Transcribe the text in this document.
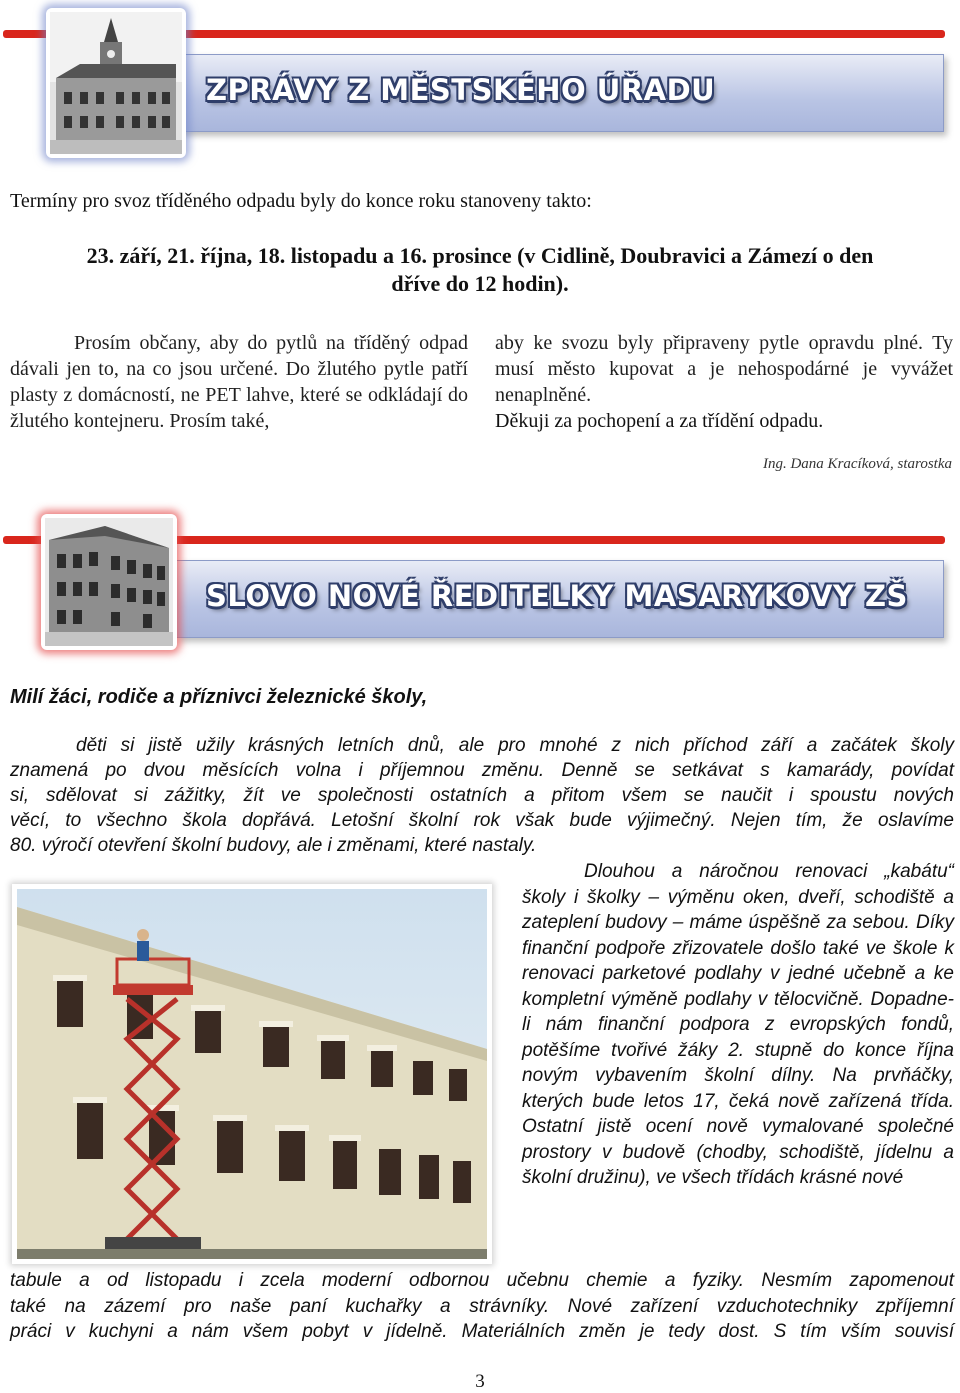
ZPRÁVY Z MĚSTSKÉHO ÚŘADU

Termíny pro svoz tříděného odpadu byly do konce roku stanoveny takto:

23. září, 21. října, 18. listopadu a 16. prosince (v Cidlině, Doubravici a Zámezí o den

dříve do 12 hodin).

Prosím občany, aby do pytlů na tříděný odpad dávali jen to, na co jsou určené. Do žlutého pytle patří plasty z domácností, ne PET lahve, které se odkládají do žlutého kontejneru. Prosím také,
aby ke svozu byly připraveny pytle opravdu plné. Ty musí město kupovat a je nehospodárné je vyvážet nenaplněné.

Děkuji za pochopení a za třídění odpadu.

Ing. Dana Kracíková, starostka

SLOVO NOVÉ ŘEDITELKY MASARYKOVY ZŠ

Milí žáci, rodiče a příznivci železnické školy,

děti si jistě užily krásných letních dnů, ale pro mnohé z nich příchod září a začátek školy
znamená po dvou měsících volna i příjemnou změnu. Denně se setkávat s kamarády, povídat
si, sdělovat si zážitky, žít ve společnosti ostatních a přitom všem se naučit i spoustu nových
věcí, to všechno škola dopřává. Letošní školní rok však bude výjimečný. Nejen tím, že oslavíme
80. výročí otevření školní budovy, ale i změnami, které nastaly.
Dlouhou a náročnou renovaci „kabátu“ školy i školky – výměnu oken, dveří, schodiště a zateplení budovy – máme úspěšně za sebou. Díky finanční podpoře zřizovatele došlo také ve škole k renovaci parketové podlahy v jedné učebně a ke kompletní výměně podlahy v tělocvičně. Dopadne-li nám finanční podpora z evropských fondů, potěšíme tvořivé žáky 2. stupně do konce října novým vybavením školní dílny. Na prvňáčky, kterých bude letos 17, čeká nově zařízená třída. Ostatní jistě ocení nově vymalované společné prostory v budově (chodby, schodiště, jídelnu a školní družinu), ve všech třídách krásné nové
tabule a od listopadu i zcela moderní odbornou učebnu chemie a fyziky. Nesmím zapomenout
také na zázemí pro naše paní kuchařky a strávníky. Nové zařízení vzduchotechniky zpříjemní
práci v kuchyni a nám všem pobyt v jídelně. Materiálních změn je tedy dost. S tím vším souvisí

3
